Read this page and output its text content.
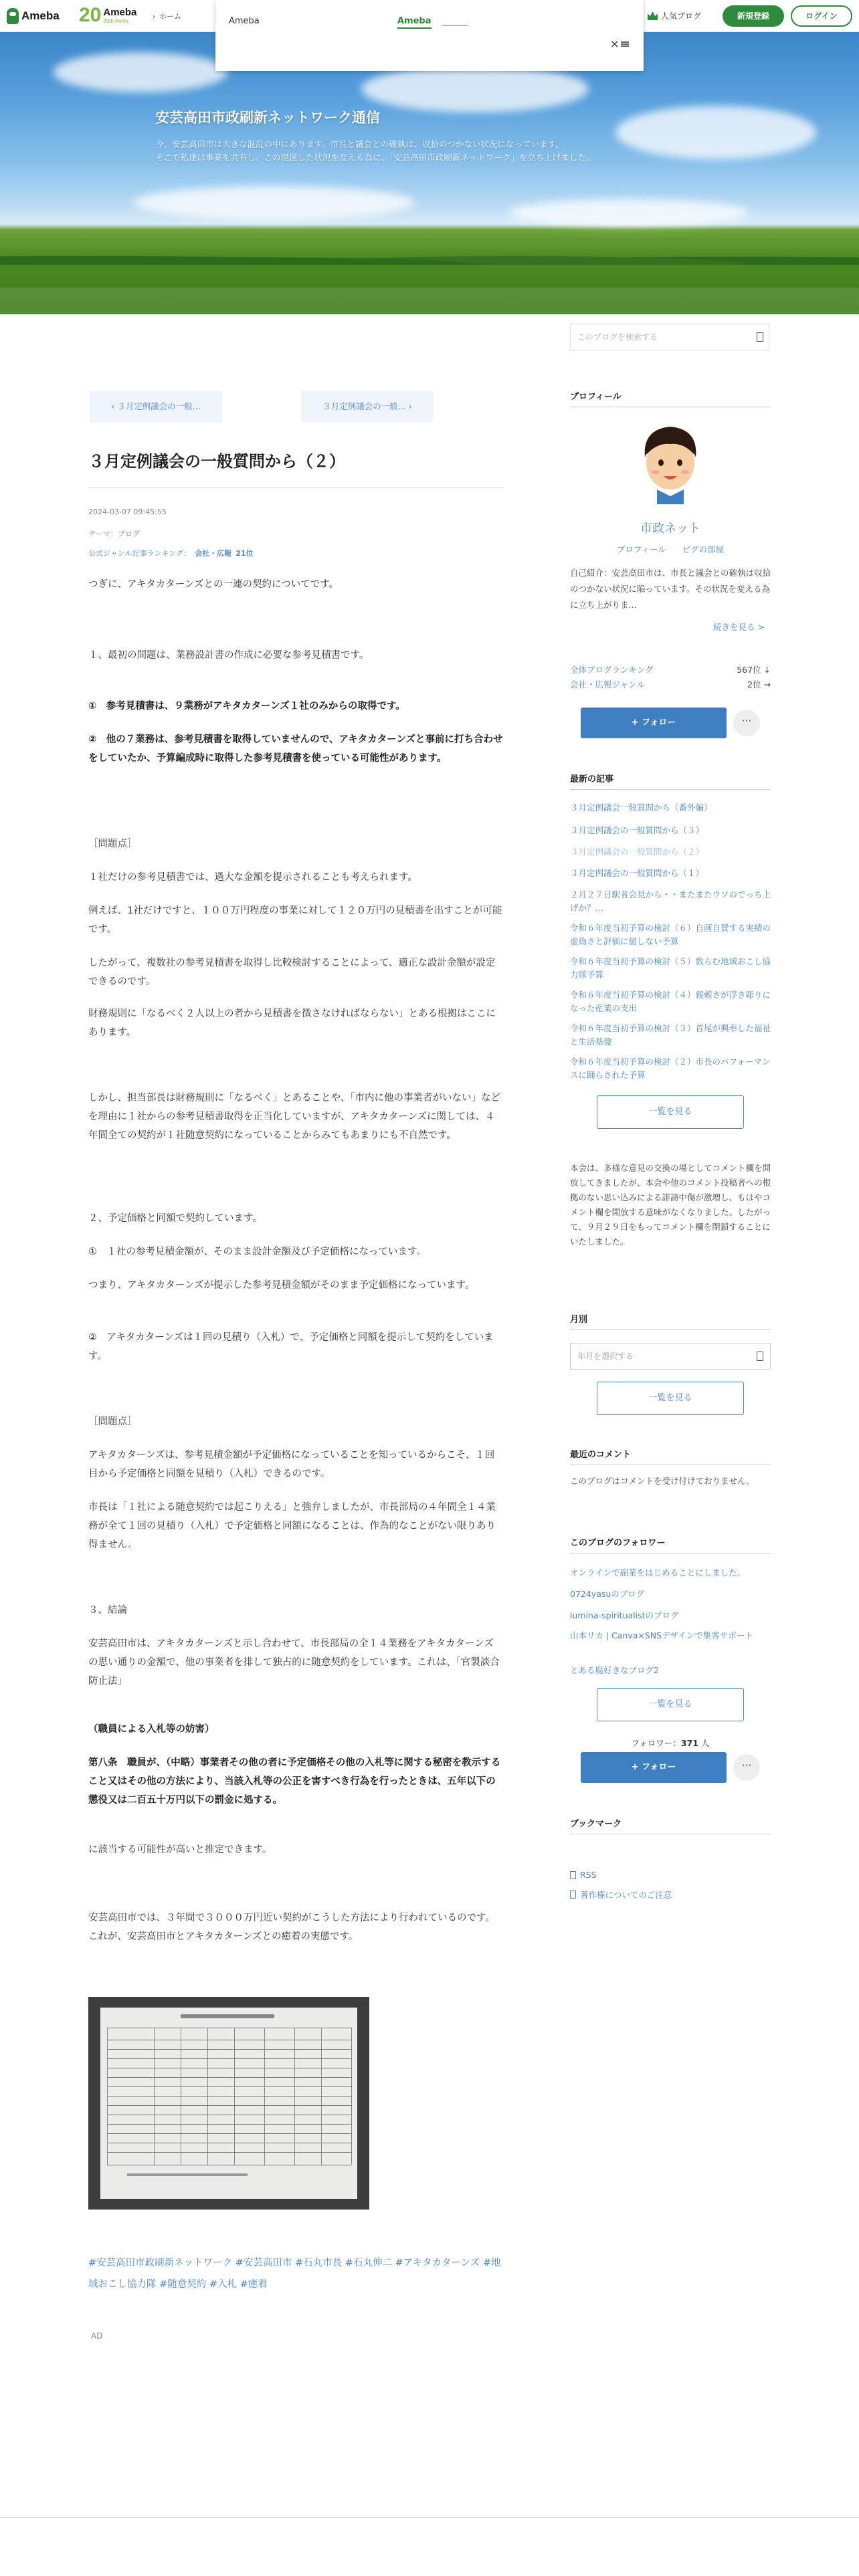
Ameba 20 Ameba
20th Anniv.	› ホーム	人気ブログ	新規登録	ログイン
Ameba	Ameba
×
安芸高田市政刷新ネットワーク通信
今、安芸高田市は大きな混乱の中にあります。市長と議会との確執は、収拾のつかない状況になっています。
そこで私達は事業を共有し、この混迷した状況を変える為に、「安芸高田市政刷新ネットワーク」を立ち上げました。
ブログトップ	記事一覧	画像一覧	動画一覧
このブログを検索する
‹ ３月定例議会の一般...	３月定例議会の一般... ›
３月定例議会の一般質問から（２）
2024-03-07 09:45:55
テーマ：ブログ
公式ジャンル記事ランキング： 会社・広報 21位

つぎに、アキタカターンズとの一連の契約についてです。

１、最初の問題は、業務設計書の作成に必要な参考見積書です。

①　参考見積書は、９業務がアキタカターンズ１社のみからの取得です。

②　他の７業務は、参考見積書を取得していませんので、アキタカターンズと事前に打ち合わせをしていたか、予算編成時に取得した参考見積書を使っている可能性があります。

［問題点］

１社だけの参考見積書では、過大な金額を提示されることも考えられます。

例えば、1社だけですと、１００万円程度の事業に対して１２０万円の見積書を出すことが可能です。

したがって、複数社の参考見積書を取得し比較検討することによって、適正な設計金額が設定できるのです。

財務規則に「なるべく２人以上の者から見積書を徴さなければならない」とある根拠はここにあります。

しかし、担当部長は財務規則に「なるべく」とあることや、「市内に他の事業者がいない」などを理由に１社からの参考見積書取得を正当化していますが、アキタカターンズに関しては、４年間全ての契約が１社随意契約になっていることからみてもあまりにも不自然です。

２、予定価格と同額で契約しています。

①　１社の参考見積金額が、そのまま設計金額及び予定価格になっています。

つまり、アキタカターンズが提示した参考見積金額がそのまま予定価格になっています。

②　アキタカターンズは１回の見積り（入札）で、予定価格と同額を提示して契約をしています。

［問題点］

アキタカターンズは、参考見積金額が予定価格になっていることを知っているからこそ、１回目から予定価格と同額を見積り（入札）できるのです。

市長は「１社による随意契約では起こりえる」と強弁しましたが、市長部局の４年間全１４業務が全て１回の見積り（入札）で予定価格と同額になることは、作為的なことがない限りあり得ません。

３、結論

安芸高田市は、アキタカターンズと示し合わせて、市長部局の全１４業務をアキタカターンズの思い通りの金額で、他の事業者を排して独占的に随意契約をしています。これは、「官製談合防止法」

（職員による入札等の妨害）

第八条　職員が、（中略）事業者その他の者に予定価格その他の入札等に関する秘密を教示すること又はその他の方法により、当該入札等の公正を害すべき行為を行ったときは、五年以下の懲役又は二百五十万円以下の罰金に処する。

に該当する可能性が高いと推定できます。

安芸高田市では、３年間で３０００万円近い契約がこうした方法により行われているのです。これが、安芸高田市とアキタカターンズとの癒着の実態です。

#安芸高田市政刷新ネットワーク #安芸高田市 #石丸市長 #石丸伸二 #アキタカターンズ #地域おこし協力隊 #随意契約 #入札 #癒着
AD
プロフィール
市政ネット
プロフィール ピグの部屋
自己紹介：安芸高田市は、市長と議会との確執は収拾のつかない状況に陥っています。その状況を変える為に立ち上がりま…
続きを見る >
全体ブログランキング	567位 ↓
会社・広報ジャンル	2位 →
+ フォロー	···
最新の記事
３月定例議会一般質問から（番外編）
３月定例議会の一般質問から（３）
３月定例議会の一般質問から（２）
３月定例議会の一般質問から（１）
２月２７日駅者会見から・・またまたウソのでっち上げか？…
令和６年度当初予算の検討（６）自画自賛する実績の虚偽さと評価に値しない予算
令和６年度当初予算の検討（５）数らむ地域おこし協力隊予算
令和６年度当初予算の検討（４）親頼さが浮き彫りになった産業の支出
令和６年度当初予算の検討（３）首尾が興奉した福祉と生活基盤
令和６年度当初予算の検討（２）市長のパフォーマンスに踊らされた予算
一覧を見る
本会は、多様な意見の交換の場としてコメント欄を開放してきましたが、本会や他のコメント投稿者への根拠のない思い込みによる誹謗中傷が激増し、もはやコメント欄を開放する意味がなくなりました。したがって、９月２９日をもってコメント欄を閉鎖することにいたしました。
月別
年月を選択する
一覧を見る
最近のコメント
このブログはコメントを受け付けておりません。
このブログのフォロワー
オンラインで副業をはじめることにしました。
0724yasuのブログ
lumina-spiritualistのブログ
山本リカ | Canva×SNSデザインで集客サポート
とある腐好きなブログ2
一覧を見る
フォロワー：371 人
+ フォロー	···
ブックマーク
RSS
著作権についてのご注意
